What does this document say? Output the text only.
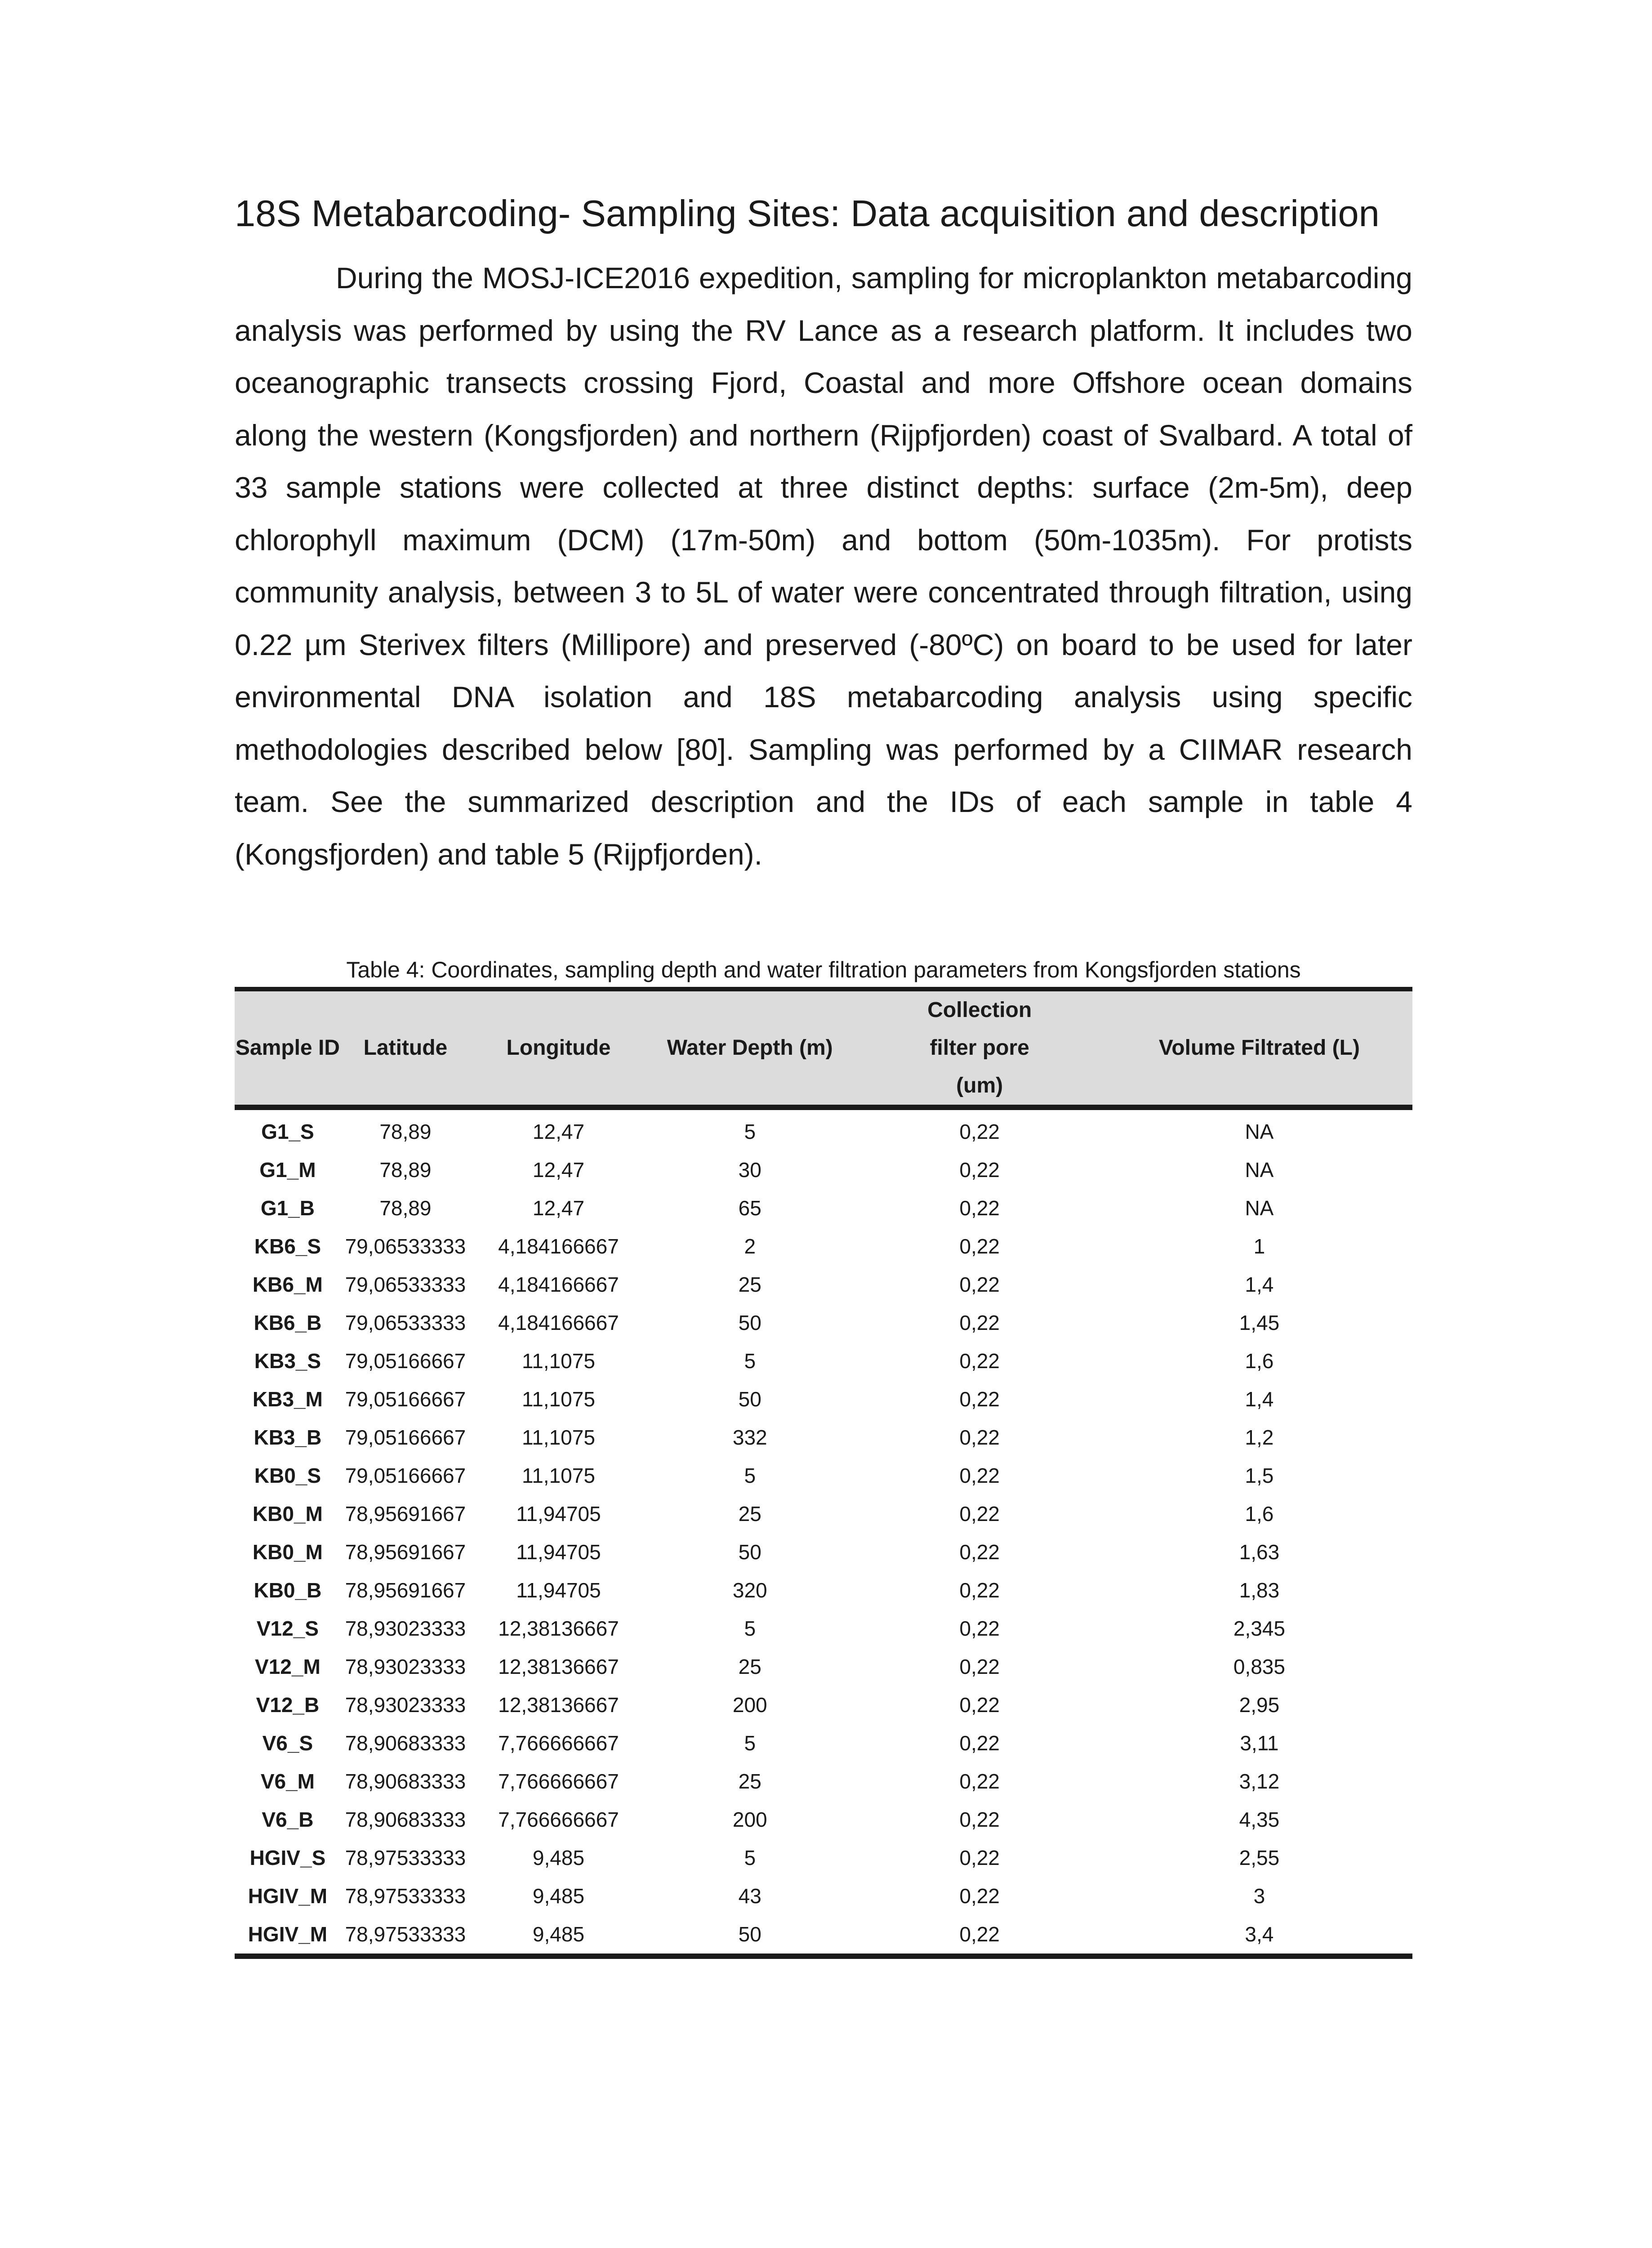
18S Metabarcoding- Sampling Sites: Data acquisition and description

During the MOSJ-ICE2016 expedition, sampling for microplankton metabarcoding analysis was performed by using the RV Lance as a research platform. It includes two oceanographic transects crossing Fjord, Coastal and more Offshore ocean domains along the western (Kongsfjorden) and northern (Rijpfjorden) coast of Svalbard. A total of 33 sample stations were collected at three distinct depths: surface (2m-5m), deep chlorophyll maximum (DCM) (17m-50m) and bottom (50m-1035m). For protists community analysis, between 3 to 5L of water were concentrated through filtration, using 0.22 µm Sterivex filters (Millipore) and preserved (-80ºC) on board to be used for later environmental DNA isolation and 18S metabarcoding analysis using specific methodologies described below [80]. Sampling was performed by a CIIMAR research team. See the summarized description and the IDs of each sample in table 4 (Kongsfjorden) and table 5 (Rijpfjorden).

Table 4: Coordinates, sampling depth and water filtration parameters from Kongsfjorden stations

Sample ID	Latitude	Longitude	Water Depth (m)	Collection filter pore (um)	Volume Filtrated (L)
G1_S	78,89	12,47	5	0,22	NA
G1_M	78,89	12,47	30	0,22	NA
G1_B	78,89	12,47	65	0,22	NA
KB6_S	79,06533333	4,184166667	2	0,22	1
KB6_M	79,06533333	4,184166667	25	0,22	1,4
KB6_B	79,06533333	4,184166667	50	0,22	1,45
KB3_S	79,05166667	11,1075	5	0,22	1,6
KB3_M	79,05166667	11,1075	50	0,22	1,4
KB3_B	79,05166667	11,1075	332	0,22	1,2
KB0_S	79,05166667	11,1075	5	0,22	1,5
KB0_M	78,95691667	11,94705	25	0,22	1,6
KB0_M	78,95691667	11,94705	50	0,22	1,63
KB0_B	78,95691667	11,94705	320	0,22	1,83
V12_S	78,93023333	12,38136667	5	0,22	2,345
V12_M	78,93023333	12,38136667	25	0,22	0,835
V12_B	78,93023333	12,38136667	200	0,22	2,95
V6_S	78,90683333	7,766666667	5	0,22	3,11
V6_M	78,90683333	7,766666667	25	0,22	3,12
V6_B	78,90683333	7,766666667	200	0,22	4,35
HGIV_S	78,97533333	9,485	5	0,22	2,55
HGIV_M	78,97533333	9,485	43	0,22	3
HGIV_M	78,97533333	9,485	50	0,22	3,4
